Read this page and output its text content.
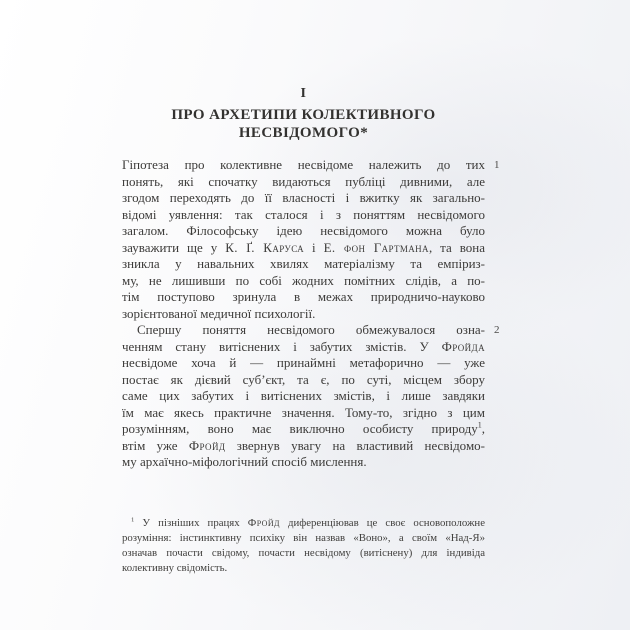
I
ПРО АРХЕТИПИ КОЛЕКТИВНОГО НЕСВІДОМОГО*
Гіпотеза про колективне несвідоме належить до тих
понять, які спочатку видаються публіці дивними, але
згодом переходять до її власності і вжитку як загально-
відомі уявлення: так сталося і з поняттям несвідомого
загалом. Філософську ідею несвідомого можна було
зауважити ще у К. Ґ. Каруса і Е. фон Гартмана, та вона
зникла у навальних хвилях матеріалізму та емпіриз-
му, не лишивши по собі жодних помітних слідів, а по-
тім поступово зринула в межах природничо-науково
зорієнтованої медичної психології.
Спершу поняття несвідомого обмежувалося озна-
ченням стану витіснених і забутих змістів. У Фройда
несвідоме хоча й — принаймні метафорично — уже
постає як дієвий суб’єкт, та є, по суті, місцем збору
саме цих забутих і витіснених змістів, і лише завдяки
їм має якесь практичне значення. Тому-то, згідно з цим
розумінням, воно має виключно особисту природу$^1$,
втім уже Фройд звернув увагу на властивий несвідомо-
му архаїчно-міфологічний спосіб мислення.
1
2
$^1$ У пізніших працях Фройд диференціював це своє основоположне
розуміння: інстинктивну психіку він назвав «Воно», а своїм «Над-Я»
означав почасти свідому, почасти несвідому (витіснену) для індивіда
колективну свідомість.
